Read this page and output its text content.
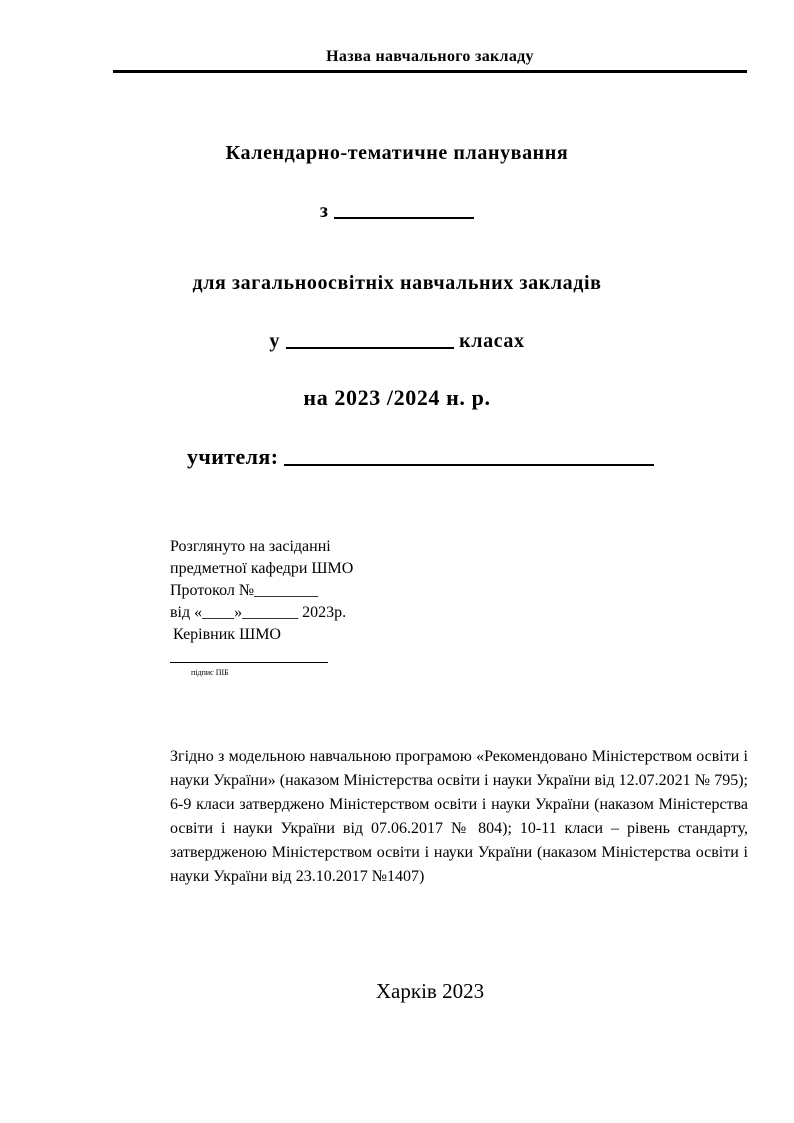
Назва навчального закладу
Календарно-тематичне планування
з
для загальноосвітніх навчальних закладів
у	класах
на 2023 /2024 н. р.
учителя:
Розглянуто на засіданні
предметної кафедри ШМО
Протокол №________
від «____»_______ 2023р.
Керівник ШМО
підпис ПІБ
Згідно з модельною навчальною програмою «Рекомендовано Міністерством освіти і науки України» (наказом Міністерства освіти і науки України від 12.07.2021 № 795); 6-9 класи затверджено Міністерством освіти і науки України (наказом Міністерства освіти і науки України від 07.06.2017 № 804); 10-11 класи – рівень стандарту, затвердженою Міністерством освіти і науки України (наказом Міністерства освіти і науки України від 23.10.2017 №1407)
Харків 2023
